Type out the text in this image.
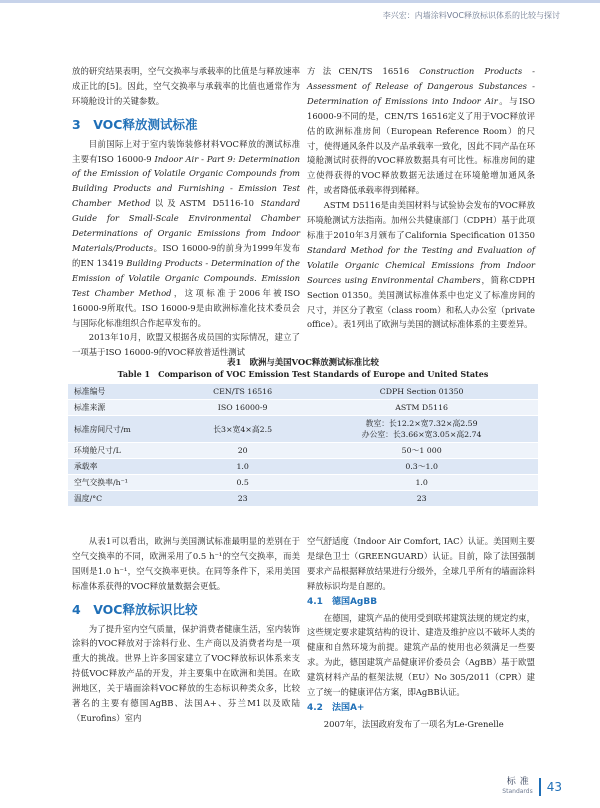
李兴宏：内墙涂料VOC释放标识体系的比较与探讨

放的研究结果表明，空气交换率与承载率的比值是与释放速率成正比的[5]。因此，空气交换率与承载率的比值也通常作为环境舱设计的关键参数。

3　VOC释放测试标准

目前国际上对于室内装饰装修材料VOC释放的测试标准主要有ISO 16000-9 Indoor Air - Part 9: Determination of the Emission of Volatile Organic Compounds from Building Products and Furnishing - Emission Test Chamber Method以及ASTM D5116-10 Standard Guide for Small-Scale Environmental Chamber Determinations of Organic Emissions from Indoor Materials/Products。ISO 16000-9的前身为1999年发布的EN 13419 Building Products - Determination of the Emission of Volatile Organic Compounds. Emission Test Chamber Method，这项标准于2006年被ISO 16000-9所取代。ISO 16000-9是由欧洲标准化技术委员会与国际化标准组织合作起草发布的。

2013年10月，欧盟又根据各成员国的实际情况，建立了一项基于ISO 16000-9的VOC释放普适性测试

方法CEN/TS 16516 Construction Products - Assessment of Release of Dangerous Substances - Determination of Emissions into Indoor Air。与ISO 16000-9不同的是，CEN/TS 16516定义了用于VOC释放评估的欧洲标准房间（European Reference Room）的尺寸，使得通风条件以及产品承载率一致化，因此不同产品在环境舱测试时获得的VOC释放数据具有可比性。标准房间的建立使得获得的VOC释放数据无法通过在环境舱增加通风条件，或者降低承载率得到稀释。

ASTM D5116是由美国材料与试验协会发布的VOC释放环境舱测试方法指南。加州公共健康部门（CDPH）基于此项标准于2010年3月颁布了California Specification 01350 Standard Method for the Testing and Evaluation of Volatile Organic Chemical Emissions from Indoor Sources using Environmental Chambers，简称CDPH Section 01350。美国测试标准体系中也定义了标准房间的尺寸，并区分了教室（class room）和私人办公室（private office）。表1列出了欧洲与美国的测试标准体系的主要差异。

表1　欧洲与美国VOC释放测试标准比较
Table 1　Comparison of VOC Emission Test Standards of Europe and United States
标准编号	CEN/TS 16516	CDPH Section 01350
标准来源	ISO 16000-9	ASTM D5116
标准房间尺寸/m	长3×宽4×高2.5	教室：长12.2×宽7.32×高2.59
办公室：长3.66×宽3.05×高2.74

环境舱尺寸/L	20	50～1 000
承载率	1.0	0.3～1.0
空气交换率/h⁻¹	0.5	1.0
温度/°C	23	23

从表1可以看出，欧洲与美国测试标准最明显的差别在于空气交换率的不同，欧洲采用了0.5 h⁻¹的空气交换率，而美国则是1.0 h⁻¹，空气交换率更快。在同等条件下，采用美国标准体系获得的VOC释放量数据会更低。

4　VOC释放标识比较

为了提升室内空气质量，保护消费者健康生活，室内装饰涂料的VOC释放对于涂料行业、生产商以及消费者均是一项重大的挑战。世界上许多国家建立了VOC释放标识体系来支持低VOC释放产品的开发，并主要集中在欧洲和美国。在欧洲地区，关于墙面涂料VOC释放的生态标识种类众多，比较著名的主要有德国AgBB、法国A+、芬兰M1以及欧陆（Eurofins）室内

空气舒适度（Indoor Air Comfort, IAC）认证。美国则主要是绿色卫士（GREENGUARD）认证。目前，除了法国强制要求产品根据释放结果进行分级外，全球几乎所有的墙面涂料释放标识均是自愿的。

4.1　德国AgBB

在德国，建筑产品的使用受到联邦建筑法规的规定约束，这些规定要求建筑结构的设计、建造及维护应以不破坏人类的健康和自然环境为前提。建筑产品的使用也必须满足一些要求。为此，德国建筑产品健康评价委员会（AgBB）基于欧盟建筑材料产品的框架法规（EU）No 305/2011（CPR）建立了统一的健康评估方案，即AgBB认证。

4.2　法国A+

2007年，法国政府发布了一项名为Le-Grenelle

标准
Standards 43
